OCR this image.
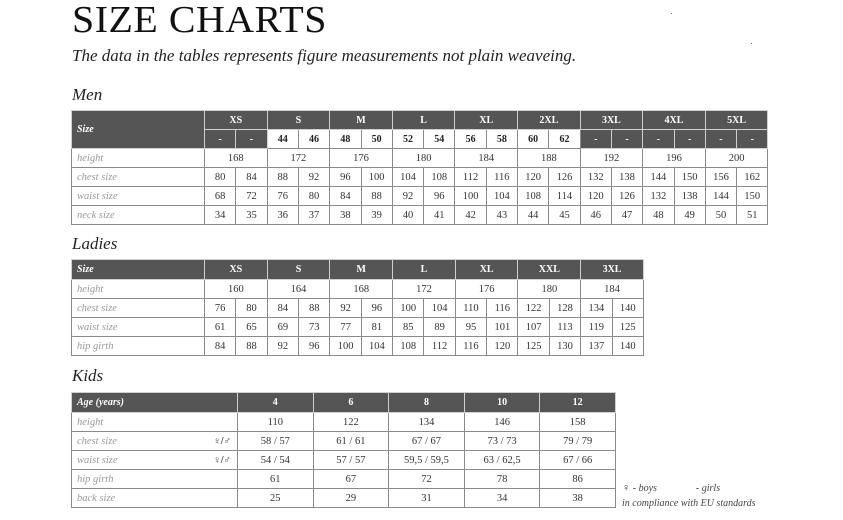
SIZE CHARTS
The data in the tables represents figure measurements not plain weaveing.
Men
Size	XS		S		M		L		XL		2XL		3XL		4XL		5XL	
	-	-	44	46	48	50	52	54	56	58	60	62	-	-	-	-	-	-
height	168		172		176		180		184		188		192		196		200	
chest size	80	84	88	92	96	100	104	108	112	116	120	126	132	138	144	150	156	162
waist size	68	72	76	80	84	88	92	96	100	104	108	114	120	126	132	138	144	150
neck size	34	35	36	37	38	39	40	41	42	43	44	45	46	47	48	49	50	51
Ladies
Size	XS		S		M		L		XL		XXL		3XL	
height	160		164		168		172		176		180		184	
chest size	76	80	84	88	92	96	100	104	110	116	122	128	134	140
waist size	61	65	69	73	77	81	85	89	95	101	107	113	119	125
hip girth	84	88	92	96	100	104	108	112	116	120	125	130	137	140
Kids
Age (years)	4	6	8	10	12
height	110	122	134	146	158
chest size ♀/♂	58 / 57	61 / 61	67 / 67	73 / 73	79 / 79
waist size ♀/♂	54 / 54	57 / 57	59,5 / 59,5	63 / 62,5	67 / 66
hip girth	61	67	72	78	86
back size	25	29	31	34	38
♀ - boys	- girls
in compliance with EU standards
